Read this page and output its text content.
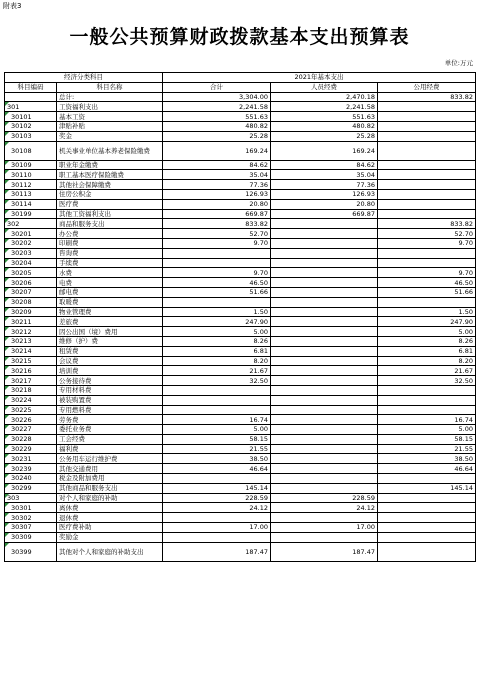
附表3
一般公共预算财政拨款基本支出预算表
单位:万元
经济分类科目		2021年基本支出		
科目编码	科目名称	合计	人员经费	公用经费
	总计:	3,304.00	2,470.18	833.82

301	工资福利支出	2,241.58	2,241.58	

30101	基本工资	551.63	551.63	

30102	津贴补贴	480.82	480.82	

30103	奖金	25.28	25.28	

30108	机关事业单位基本养老保险缴费	169.24	169.24	

30109	职业年金缴费	84.62	84.62	

30110	职工基本医疗保险缴费	35.04	35.04	

30112	其他社会保障缴费	77.36	77.36	

30113	住房公积金	126.93	126.93	

30114	医疗费	20.80	20.80	

30199	其他工资福利支出	669.87	669.87	

302	商品和服务支出	833.82		833.82

30201	办公费	52.70		52.70

30202	印刷费	9.70		9.70

30203	咨询费			

30204	手续费			

30205	水费	9.70		9.70

30206	电费	46.50		46.50

30207	邮电费	51.66		51.66

30208	取暖费			

30209	物业管理费	1.50		1.50

30211	差旅费	247.90		247.90

30212	因公出国（境）费用	5.00		5.00

30213	维修（护）费	8.26		8.26

30214	租赁费	6.81		6.81

30215	会议费	8.20		8.20

30216	培训费	21.67		21.67

30217	公务接待费	32.50		32.50

30218	专用材料费			

30224	被装购置费			

30225	专用燃料费			

30226	劳务费	16.74		16.74

30227	委托业务费	5.00		5.00

30228	工会经费	58.15		58.15

30229	福利费	21.55		21.55

30231	公务用车运行维护费	38.50		38.50

30239	其他交通费用	46.64		46.64

30240	税金及附加费用			

30299	其他商品和服务支出	145.14		145.14

303	对个人和家庭的补助	228.59	228.59	

30301	离休费	24.12	24.12	

30302	退休费			

30307	医疗费补助	17.00	17.00	

30309	奖励金			

30399	其他对个人和家庭的补助支出	187.47	187.47	
